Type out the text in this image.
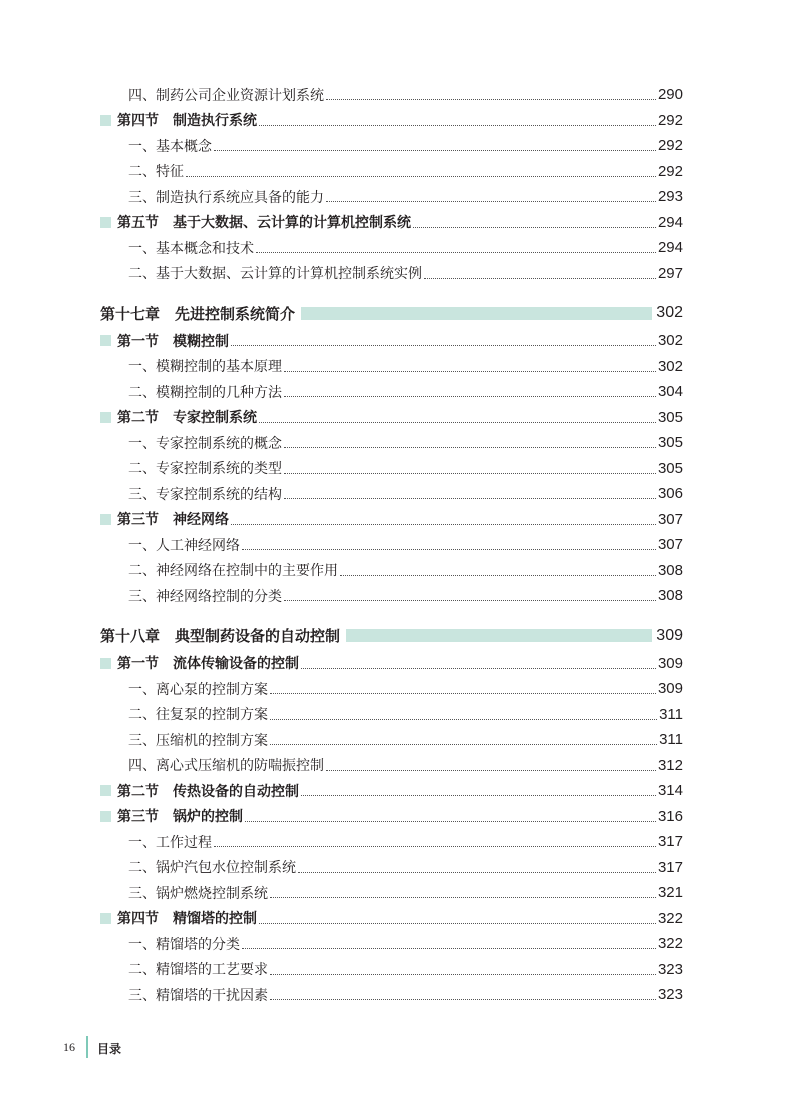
四、制药公司企业资源计划系统	290
第四节　制造执行系统	292
一、基本概念	292
二、特征	292
三、制造执行系统应具备的能力	293
第五节　基于大数据、云计算的计算机控制系统	294
一、基本概念和技术	294
二、基于大数据、云计算的计算机控制系统实例	297
第十七章　先进控制系统简介	302
第一节　模糊控制	302
一、模糊控制的基本原理	302
二、模糊控制的几种方法	304
第二节　专家控制系统	305
一、专家控制系统的概念	305
二、专家控制系统的类型	305
三、专家控制系统的结构	306
第三节　神经网络	307
一、人工神经网络	307
二、神经网络在控制中的主要作用	308
三、神经网络控制的分类	308
第十八章　典型制药设备的自动控制	309
第一节　流体传输设备的控制	309
一、离心泵的控制方案	309
二、往复泵的控制方案	311
三、压缩机的控制方案	311
四、离心式压缩机的防喘振控制	312
第二节　传热设备的自动控制	314
第三节　锅炉的控制	316
一、工作过程	317
二、锅炉汽包水位控制系统	317
三、锅炉燃烧控制系统	321
第四节　精馏塔的控制	322
一、精馏塔的分类	322
二、精馏塔的工艺要求	323
三、精馏塔的干扰因素	323
16 目录
